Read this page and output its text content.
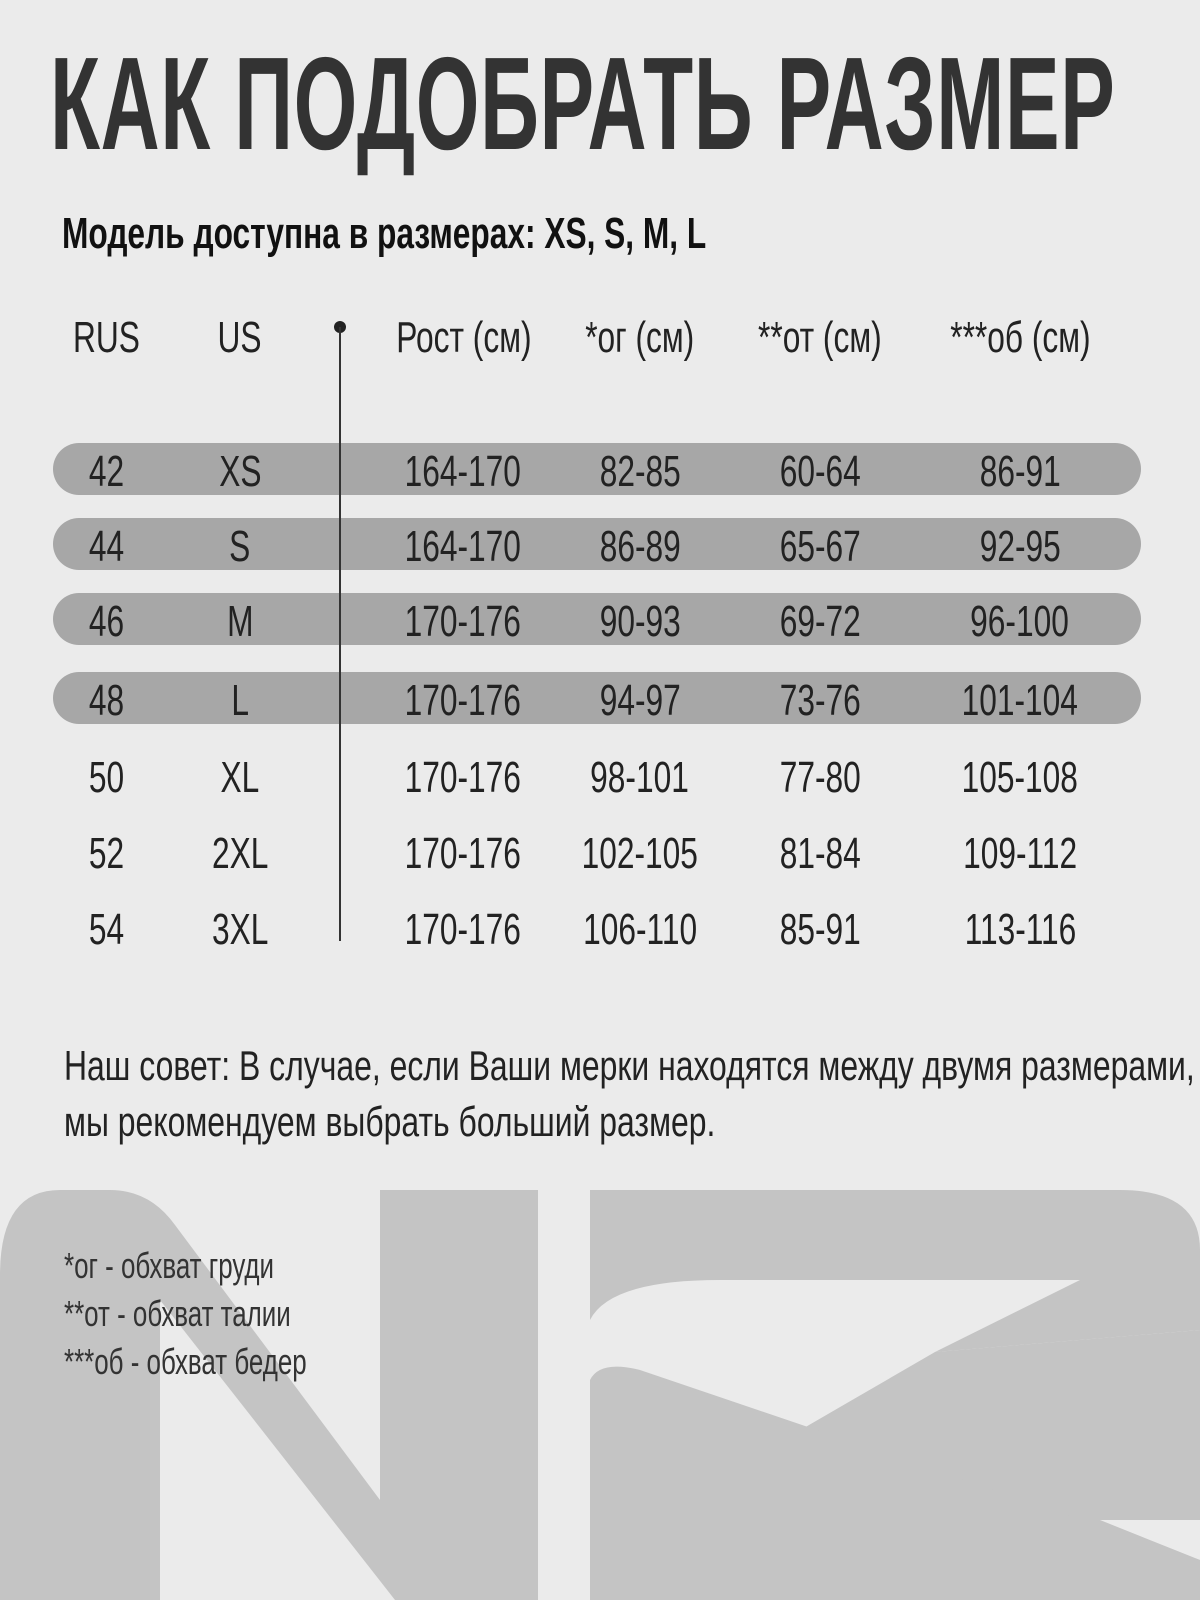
КАК ПОДОБРАТЬ РАЗМЕР
Модель доступна в размерах: XS, S, M, L
RUS	US	Рост (см)	*ог (см)	**от (см)	***об (см)
42	XS	164-170	82-85	60-64	86-91
44	S	164-170	86-89	65-67	92-95
46	M	170-176	90-93	69-72	96-100
48	L	170-176	94-97	73-76	101-104
50	XL	170-176	98-101	77-80	105-108
52	2XL	170-176	102-105	81-84	109-112
54	3XL	170-176	106-110	85-91	113-116
Наш совет: В случае, если Ваши мерки находятся между двумя размерами,
мы рекомендуем выбрать больший размер.
*ог - обхват груди
**от - обхват талии
***об - обхват бедер
